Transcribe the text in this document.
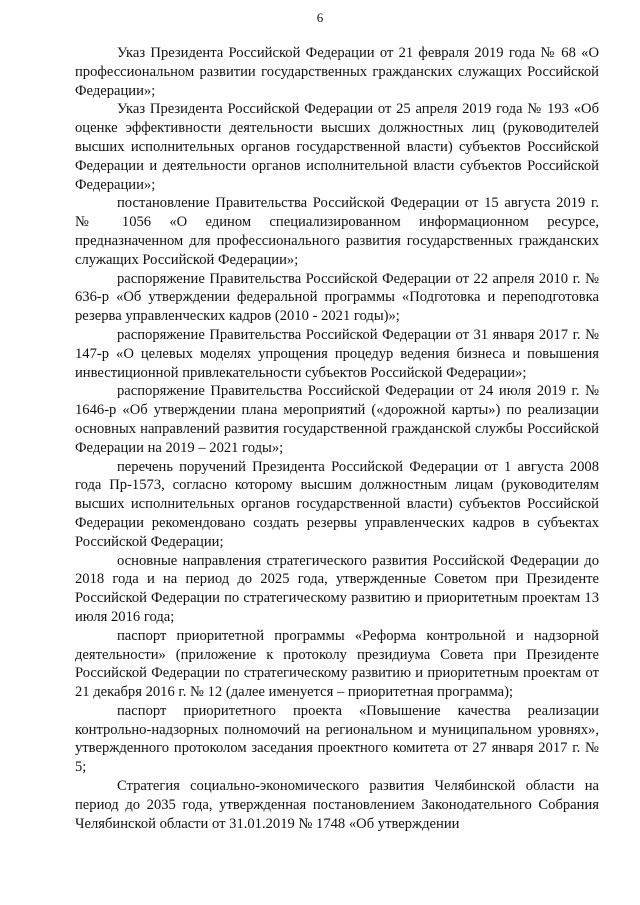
6

Указ Президента Российской Федерации от 21 февраля 2019 года № 68 «О профессиональном развитии государственных гражданских служащих Российской Федерации»;

Указ Президента Российской Федерации от 25 апреля 2019 года № 193 «Об оценке эффективности деятельности высших должностных лиц (руководителей высших исполнительных органов государственной власти) субъектов Российской Федерации и деятельности органов исполнительной власти субъектов Российской Федерации»;

постановление Правительства Российской Федерации от 15 августа 2019 г. № 1056 «О едином специализированном информационном ресурсе, предназначенном для профессионального развития государственных гражданских служащих Российской Федерации»;

распоряжение Правительства Российской Федерации от 22 апреля 2010 г. № 636-р «Об утверждении федеральной программы «Подготовка и переподготовка резерва управленческих кадров (2010 - 2021 годы)»;

распоряжение Правительства Российской Федерации от 31 января 2017 г. № 147-р «О целевых моделях упрощения процедур ведения бизнеса и повышения инвестиционной привлекательности субъектов Российской Федерации»;

распоряжение Правительства Российской Федерации от 24 июля 2019 г. № 1646-р «Об утверждении плана мероприятий («дорожной карты») по реализации основных направлений развития государственной гражданской службы Российской Федерации на 2019 – 2021 годы»;

перечень поручений Президента Российской Федерации от 1 августа 2008 года Пр-1573, согласно которому высшим должностным лицам (руководителям высших исполнительных органов государственной власти) субъектов Российской Федерации рекомендовано создать резервы управленческих кадров в субъектах Российской Федерации;

основные направления стратегического развития Российской Федерации до 2018 года и на период до 2025 года, утвержденные Советом при Президенте Российской Федерации по стратегическому развитию и приоритетным проектам 13 июля 2016 года;

паспорт приоритетной программы «Реформа контрольной и надзорной деятельности» (приложение к протоколу президиума Совета при Президенте Российской Федерации по стратегическому развитию и приоритетным проектам от 21 декабря 2016 г. № 12 (далее именуется – приоритетная программа);

паспорт приоритетного проекта «Повышение качества реализации контрольно-надзорных полномочий на региональном и муниципальном уровнях», утвержденного протоколом заседания проектного комитета от 27 января 2017 г. № 5;

Стратегия социально-экономического развития Челябинской области на период до 2035 года, утвержденная постановлением Законодательного Собрания Челябинской области от 31.01.2019 № 1748 «Об утверждении
